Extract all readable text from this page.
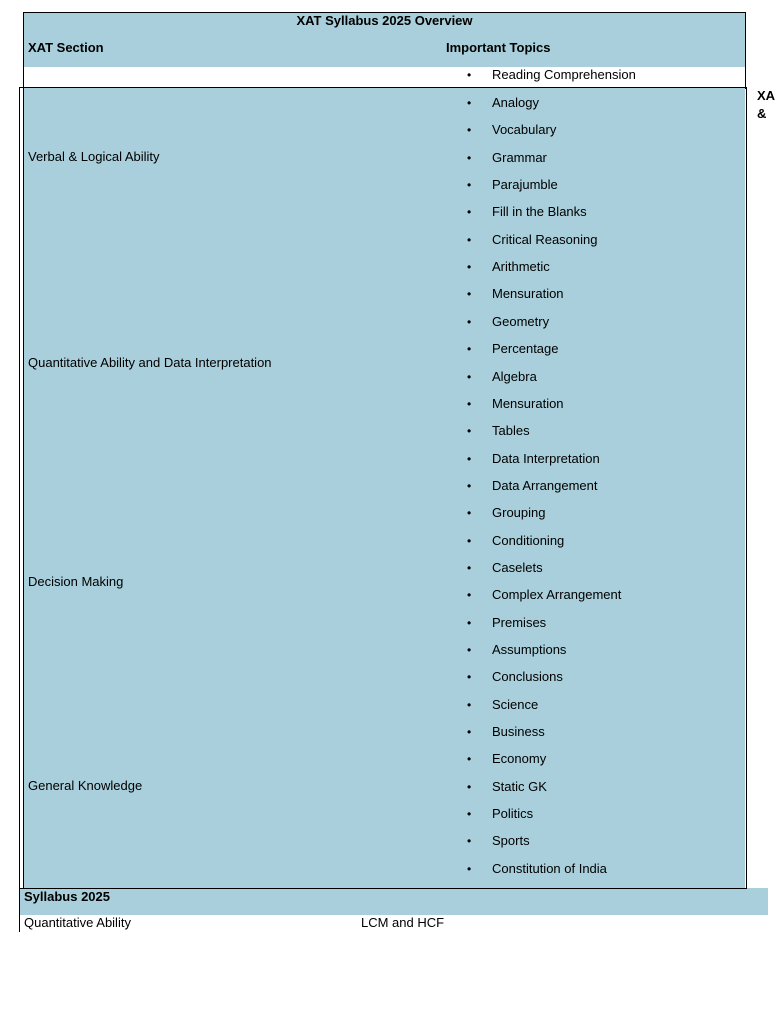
XAT Syllabus 2025 Overview
XAT Section	Important Topics
Verbal & Logical Ability
Quantitative Ability and Data Interpretation
Decision Making
General Knowledge
• Reading Comprehension
• Analogy
• Vocabulary
• Grammar
• Parajumble
• Fill in the Blanks
• Critical Reasoning
• Arithmetic
• Mensuration
• Geometry
• Percentage
• Algebra
• Mensuration
• Tables
• Data Interpretation
• Data Arrangement
• Grouping
• Conditioning
• Caselets
• Complex Arrangement
• Premises
• Assumptions
• Conclusions
• Science
• Business
• Economy
• Static GK
• Politics
• Sports
• Constitution of India
XA
&
Syllabus 2025
Quantitative Ability	LCM and HCF
